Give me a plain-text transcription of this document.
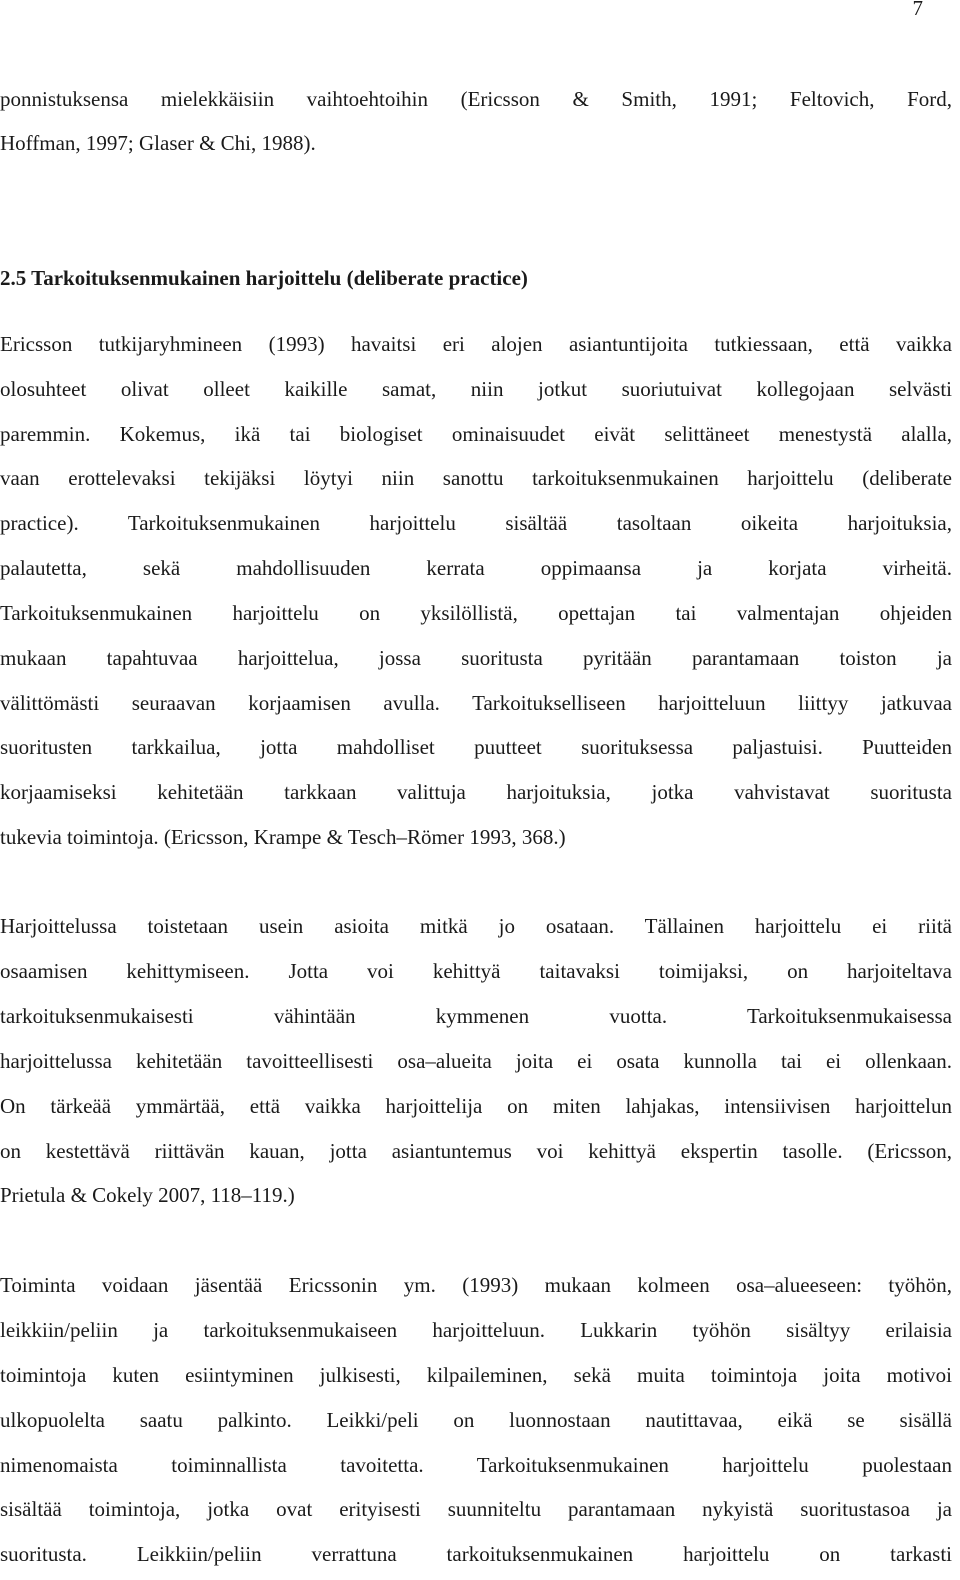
7
ponnistuksensa mielekkäisiin vaihtoehtoihin (Ericsson & Smith, 1991; Feltovich, Ford,
Hoffman, 1997; Glaser & Chi, 1988).
2.5 Tarkoituksenmukainen harjoittelu (deliberate practice)
Ericsson tutkijaryhmineen (1993) havaitsi eri alojen asiantuntijoita tutkiessaan, että vaikka
olosuhteet olivat olleet kaikille samat, niin jotkut suoriutuivat kollegojaan selvästi
paremmin. Kokemus, ikä tai biologiset ominaisuudet eivät selittäneet menestystä alalla,
vaan erottelevaksi tekijäksi löytyi niin sanottu tarkoituksenmukainen harjoittelu (deliberate
practice). Tarkoituksenmukainen harjoittelu sisältää tasoltaan oikeita harjoituksia,
palautetta, sekä mahdollisuuden kerrata oppimaansa ja korjata virheitä.
Tarkoituksenmukainen harjoittelu on yksilöllistä, opettajan tai valmentajan ohjeiden
mukaan tapahtuvaa harjoittelua, jossa suoritusta pyritään parantamaan toiston ja
välittömästi seuraavan korjaamisen avulla. Tarkoitukselliseen harjoitteluun liittyy jatkuvaa
suoritusten tarkkailua, jotta mahdolliset puutteet suorituksessa paljastuisi. Puutteiden
korjaamiseksi kehitetään tarkkaan valittuja harjoituksia, jotka vahvistavat suoritusta
tukevia toimintoja. (Ericsson, Krampe & Tesch–Römer 1993, 368.)
Harjoittelussa toistetaan usein asioita mitkä jo osataan. Tällainen harjoittelu ei riitä
osaamisen kehittymiseen. Jotta voi kehittyä taitavaksi toimijaksi, on harjoiteltava
tarkoituksenmukaisesti vähintään kymmenen vuotta. Tarkoituksenmukaisessa
harjoittelussa kehitetään tavoitteellisesti osa–alueita joita ei osata kunnolla tai ei ollenkaan.
On tärkeää ymmärtää, että vaikka harjoittelija on miten lahjakas, intensiivisen harjoittelun
on kestettävä riittävän kauan, jotta asiantuntemus voi kehittyä ekspertin tasolle. (Ericsson,
Prietula & Cokely 2007, 118–119.)
Toiminta voidaan jäsentää Ericssonin ym. (1993) mukaan kolmeen osa–alueeseen: työhön,
leikkiin/peliin ja tarkoituksenmukaiseen harjoitteluun. Lukkarin työhön sisältyy erilaisia
toimintoja kuten esiintyminen julkisesti, kilpaileminen, sekä muita toimintoja joita motivoi
ulkopuolelta saatu palkinto. Leikki/peli on luonnostaan nautittavaa, eikä se sisällä
nimenomaista toiminnallista tavoitetta. Tarkoituksenmukainen harjoittelu puolestaan
sisältää toimintoja, jotka ovat erityisesti suunniteltu parantamaan nykyistä suoritustasoa ja
suoritusta. Leikkiin/peliin verrattuna tarkoituksenmukainen harjoittelu on tarkasti
